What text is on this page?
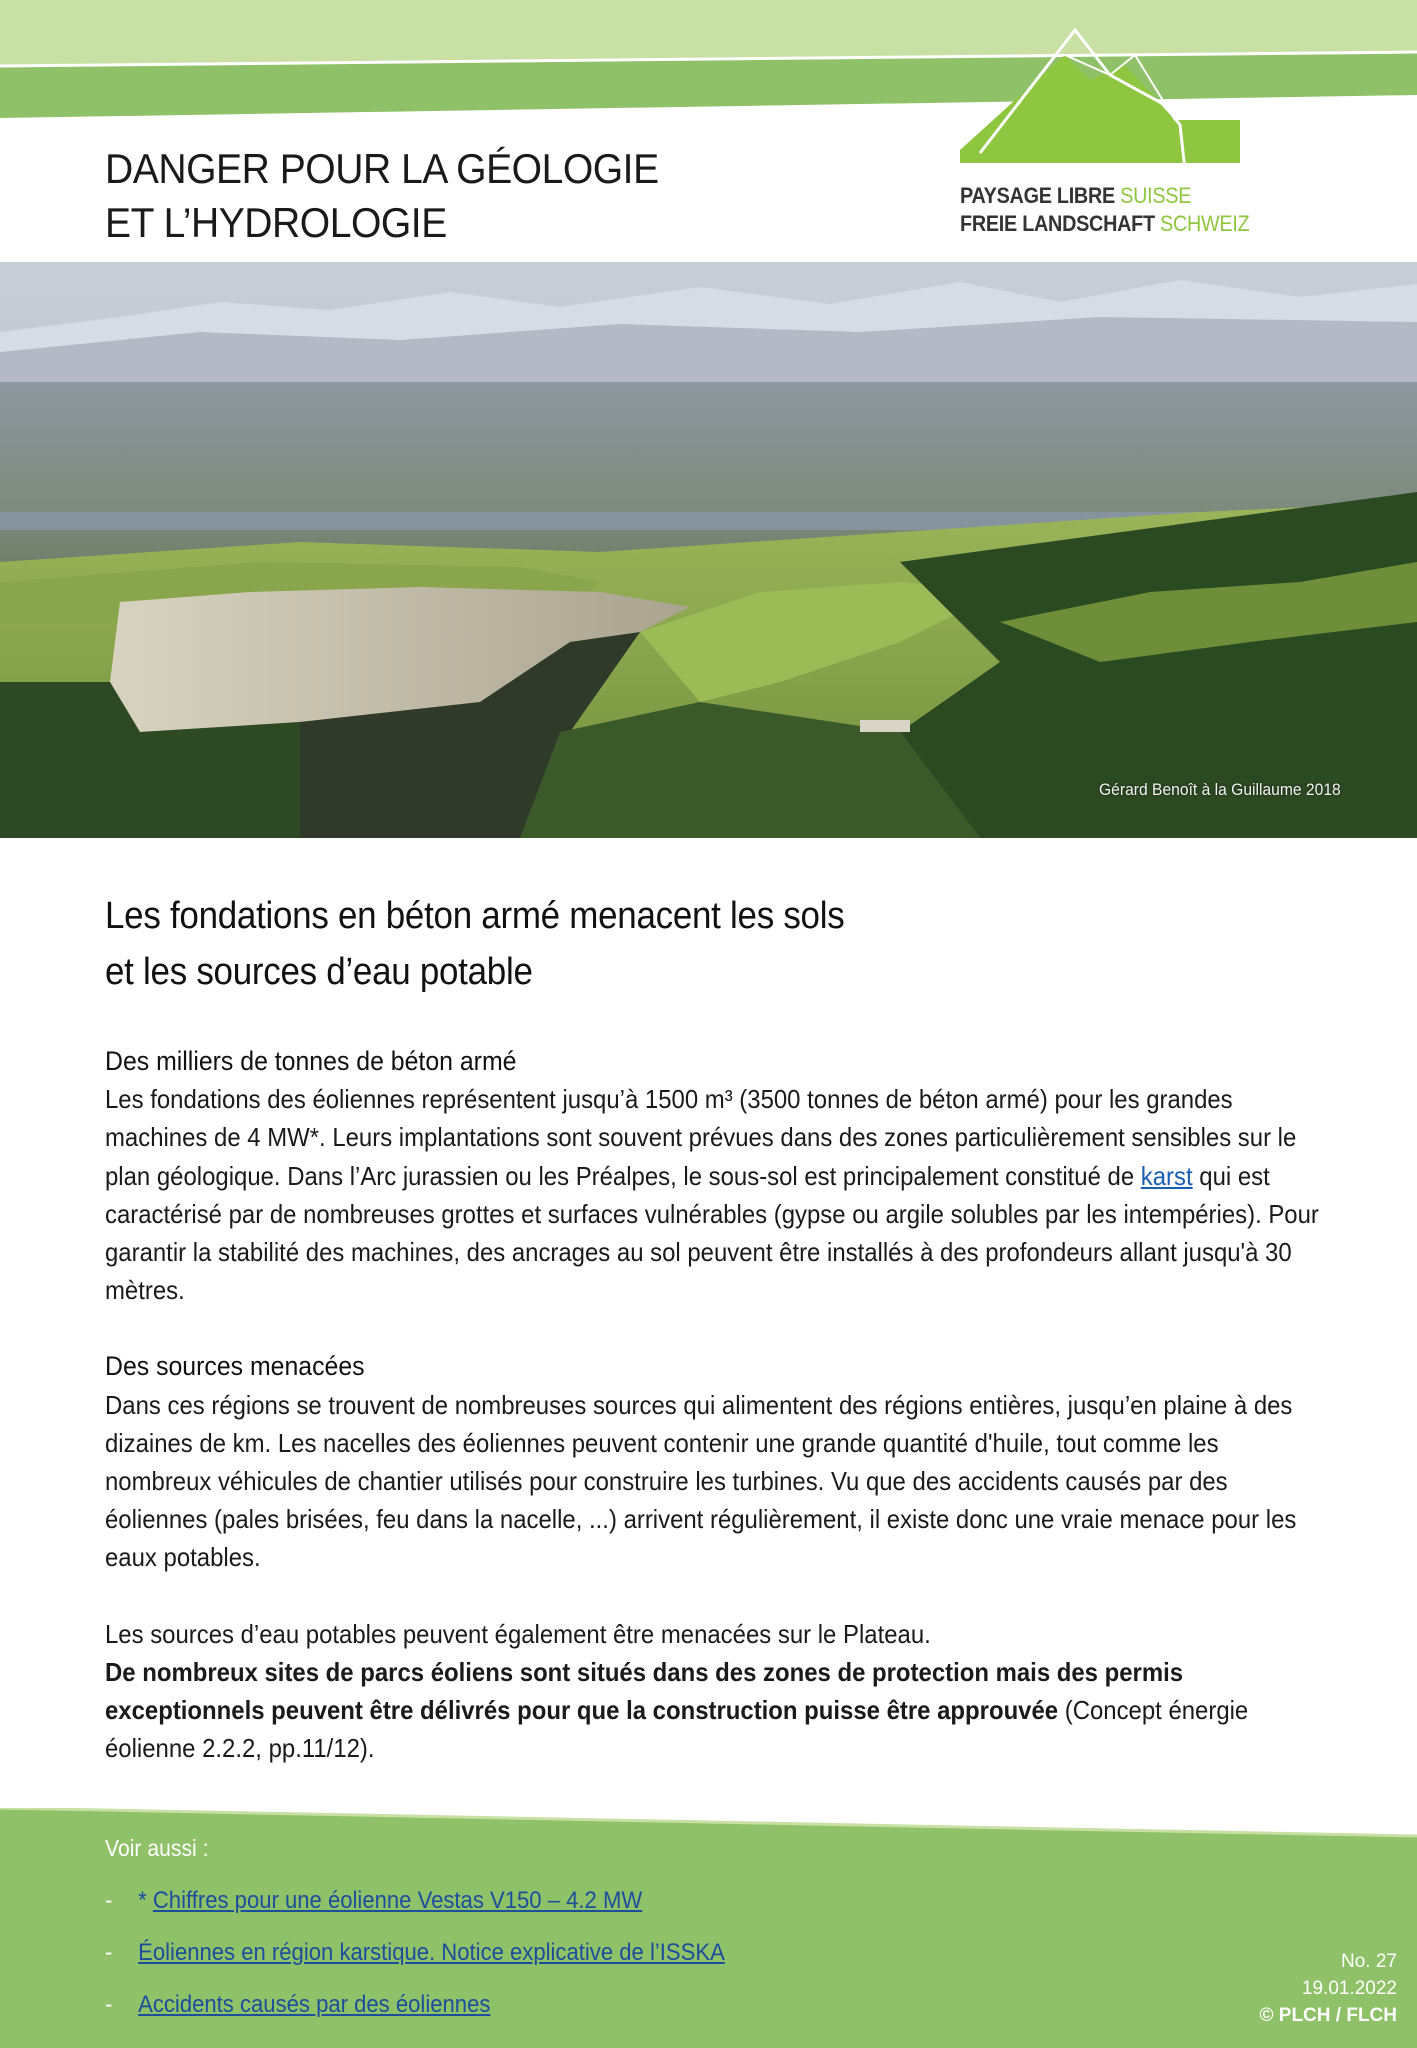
DANGER POUR LA GÉOLOGIE
ET L’HYDROLOGIE
PAYSAGE LIBRE SUISSE
FREIE LANDSCHAFT SCHWEIZ
Gérard Benoît à la Guillaume 2018
Les fondations en béton armé menacent les sols
et les sources d’eau potable

Des milliers de tonnes de béton armé

Les fondations des éoliennes représentent jusqu’à 1500 m³ (3500 tonnes de béton armé) pour les grandes machines de 4 MW*. Leurs implantations sont souvent prévues dans des zones particulièrement sensibles sur le plan géologique. Dans l’Arc jurassien ou les Préalpes, le sous-sol est principalement constitué de karst qui est caractérisé par de nombreuses grottes et surfaces vulnérables (gypse ou argile solubles par les intempéries). Pour garantir la stabilité des machines, des ancrages au sol peuvent être installés à des profondeurs allant jusqu'à 30 mètres.

Des sources menacées

Dans ces régions se trouvent de nombreuses sources qui alimentent des régions entières, jusqu’en plaine à des dizaines de km. Les nacelles des éoliennes peuvent contenir une grande quantité d'huile, tout comme les nombreux véhicules de chantier utilisés pour construire les turbines. Vu que des accidents causés par des éoliennes (pales brisées, feu dans la nacelle, ...) arrivent régulièrement, il existe donc une vraie menace pour les eaux potables.

Les sources d’eau potables peuvent également être menacées sur le Plateau.

De nombreux sites de parcs éoliens sont situés dans des zones de protection mais des permis exceptionnels peuvent être délivrés pour que la construction puisse être approuvée (Concept énergie éolienne 2.2.2, pp.11/12).

Voir aussi :
- * Chiffres pour une éolienne Vestas V150 – 4.2 MW
- Éoliennes en région karstique. Notice explicative de l’ISSKA
- Accidents causés par des éoliennes
No. 27
19.01.2022
© PLCH / FLCH
